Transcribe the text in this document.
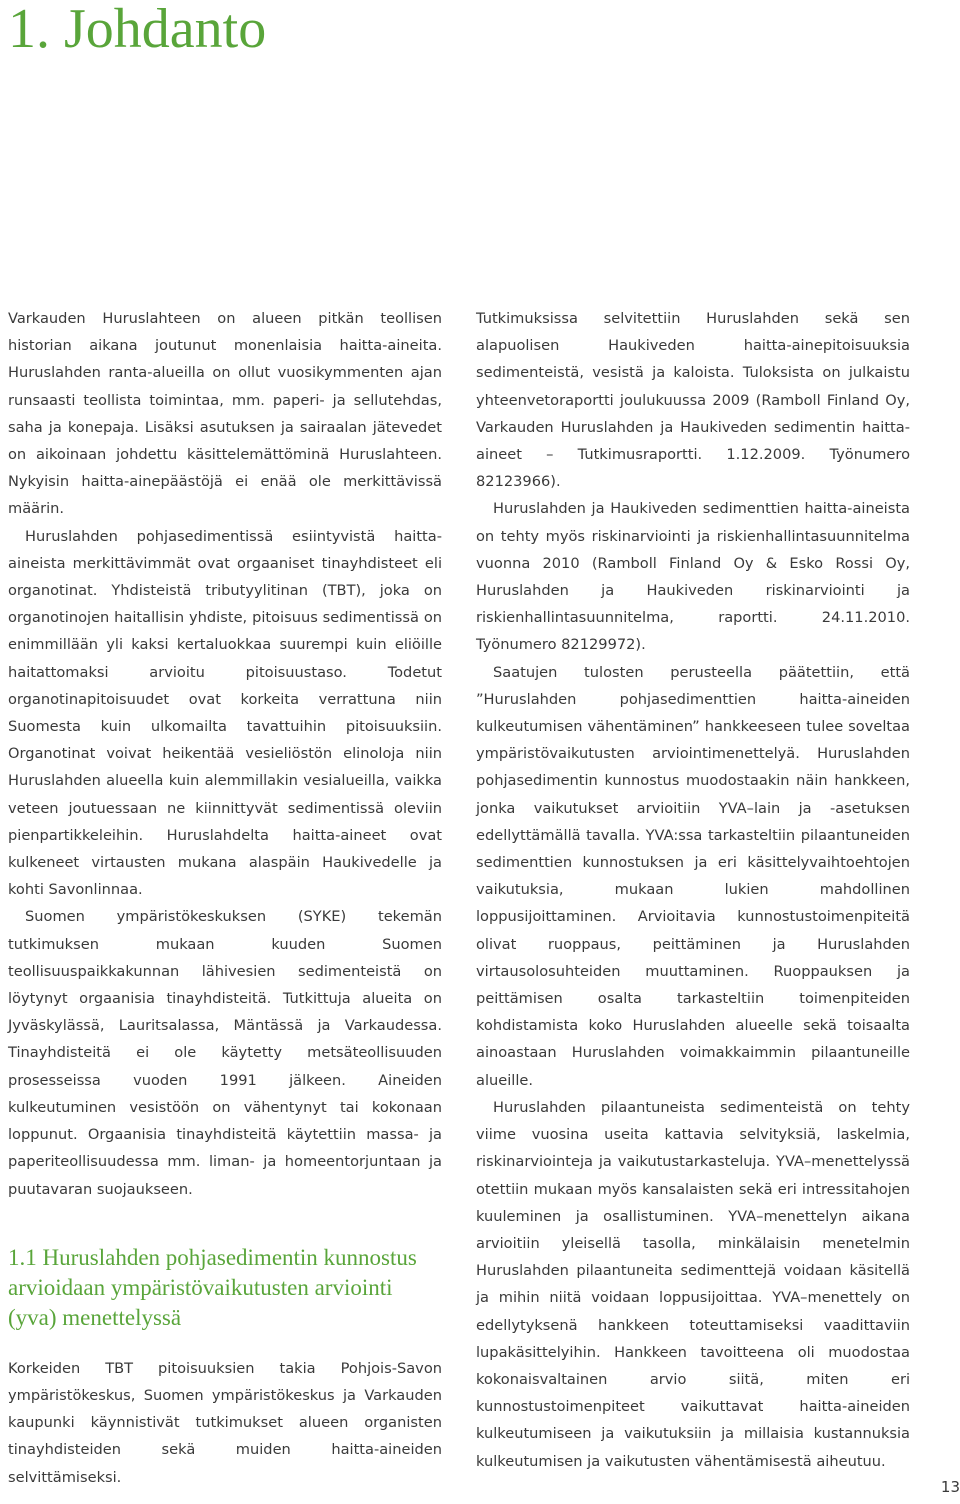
1. Johdanto

Varkauden Huruslahteen on alueen pitkän teollisen historian aikana joutunut monenlaisia haitta-aineita. Huruslahden ranta-alueilla on ollut vuosikymmenten ajan runsaasti teollista toimintaa, mm. paperi- ja sellutehdas, saha ja konepaja. Lisäksi asutuksen ja sairaalan jätevedet on aikoinaan johdettu käsittelemättöminä Huruslahteen. Nykyisin haitta-ainepäästöjä ei enää ole merkittävissä määrin.

Huruslahden pohjasedimentissä esiintyvistä haitta-aineista merkittävimmät ovat orgaaniset tinayhdisteet eli organotinat. Yhdisteistä tributyylitinan (TBT), joka on organotinojen haitallisin yhdiste, pitoisuus sedimentissä on enimmillään yli kaksi kertaluokkaa suurempi kuin eliöille haitattomaksi arvioitu pitoisuustaso. Todetut organotinapitoisuudet ovat korkeita verrattuna niin Suomesta kuin ulkomailta tavattuihin pitoisuuksiin. Organotinat voivat heikentää vesieliöstön elinoloja niin Huruslahden alueella kuin alemmillakin vesialueilla, vaikka veteen joutuessaan ne kiinnittyvät sedimentissä oleviin pienpartikkeleihin. Huruslahdelta haitta-aineet ovat kulkeneet virtausten mukana alaspäin Haukivedelle ja kohti Savonlinnaa.

Suomen ympäristökeskuksen (SYKE) tekemän tutkimuksen mukaan kuuden Suomen teollisuuspaikkakunnan lähivesien sedimenteistä on löytynyt orgaanisia tinayhdisteitä. Tutkittuja alueita on Jyväskylässä, Lauritsalassa, Mäntässä ja Varkaudessa. Tinayhdisteitä ei ole käytetty metsäteollisuuden prosesseissa vuoden 1991 jälkeen. Aineiden kulkeutuminen vesistöön on vähentynyt tai kokonaan loppunut. Orgaanisia tinayhdisteitä käytettiin massa- ja paperiteollisuudessa mm. liman- ja homeentorjuntaan ja puutavaran suojaukseen.

1.1 Huruslahden pohjasedimentin kunnostus arvioidaan ympäristövaikutusten arviointi (yva) menettelyssä

Korkeiden TBT pitoisuuksien takia Pohjois-Savon ympäristökeskus, Suomen ympäristökeskus ja Varkauden kaupunki käynnistivät tutkimukset alueen organisten tinayhdisteiden sekä muiden haitta-aineiden selvittämiseksi.

Tutkimuksissa selvitettiin Huruslahden sekä sen alapuolisen Haukiveden haitta-ainepitoisuuksia sedimenteistä, vesistä ja kaloista. Tuloksista on julkaistu yhteenvetoraportti joulukuussa 2009 (Ramboll Finland Oy, Varkauden Huruslahden ja Haukiveden sedimentin haitta-aineet – Tutkimusraportti. 1.12.2009. Työnumero 82123966).

Huruslahden ja Haukiveden sedimenttien haitta-aineista on tehty myös riskinarviointi ja riskienhallintasuunnitelma vuonna 2010 (Ramboll Finland Oy & Esko Rossi Oy, Huruslahden ja Haukiveden riskinarviointi ja riskienhallintasuunnitelma, raportti. 24.11.2010. Työnumero 82129972).

Saatujen tulosten perusteella päätettiin, että ”Huruslahden pohjasedimenttien haitta-aineiden kulkeutumisen vähentäminen” hankkeeseen tulee soveltaa ympäristövaikutusten arviointimenettelyä. Huruslahden pohjasedimentin kunnostus muodostaakin näin hankkeen, jonka vaikutukset arvioitiin YVA–lain ja -asetuksen edellyttämällä tavalla. YVA:ssa tarkasteltiin pilaantuneiden sedimenttien kunnostuksen ja eri käsittelyvaihtoehtojen vaikutuksia, mukaan lukien mahdollinen loppusijoittaminen. Arvioitavia kunnostustoimenpiteitä olivat ruoppaus, peittäminen ja Huruslahden virtausolosuhteiden muuttaminen. Ruoppauksen ja peittämisen osalta tarkasteltiin toimenpiteiden kohdistamista koko Huruslahden alueelle sekä toisaalta ainoastaan Huruslahden voimakkaimmin pilaantuneille alueille.

Huruslahden pilaantuneista sedimenteistä on tehty viime vuosina useita kattavia selvityksiä, laskelmia, riskinarviointeja ja vaikutustarkasteluja. YVA–menettelyssä otettiin mukaan myös kansalaisten sekä eri intressitahojen kuuleminen ja osallistuminen. YVA–menettelyn aikana arvioitiin yleisellä tasolla, minkälaisin menetelmin Huruslahden pilaantuneita sedimenttejä voidaan käsitellä ja mihin niitä voidaan loppusijoittaa. YVA–menettely on edellytyksenä hankkeen toteuttamiseksi vaadittaviin lupakäsittelyihin. Hankkeen tavoitteena oli muodostaa kokonaisvaltainen arvio siitä, miten eri kunnostustoimenpiteet vaikuttavat haitta-aineiden kulkeutumiseen ja vaikutuksiin ja millaisia kustannuksia kulkeutumisen ja vaikutusten vähentämisestä aiheutuu.

13
